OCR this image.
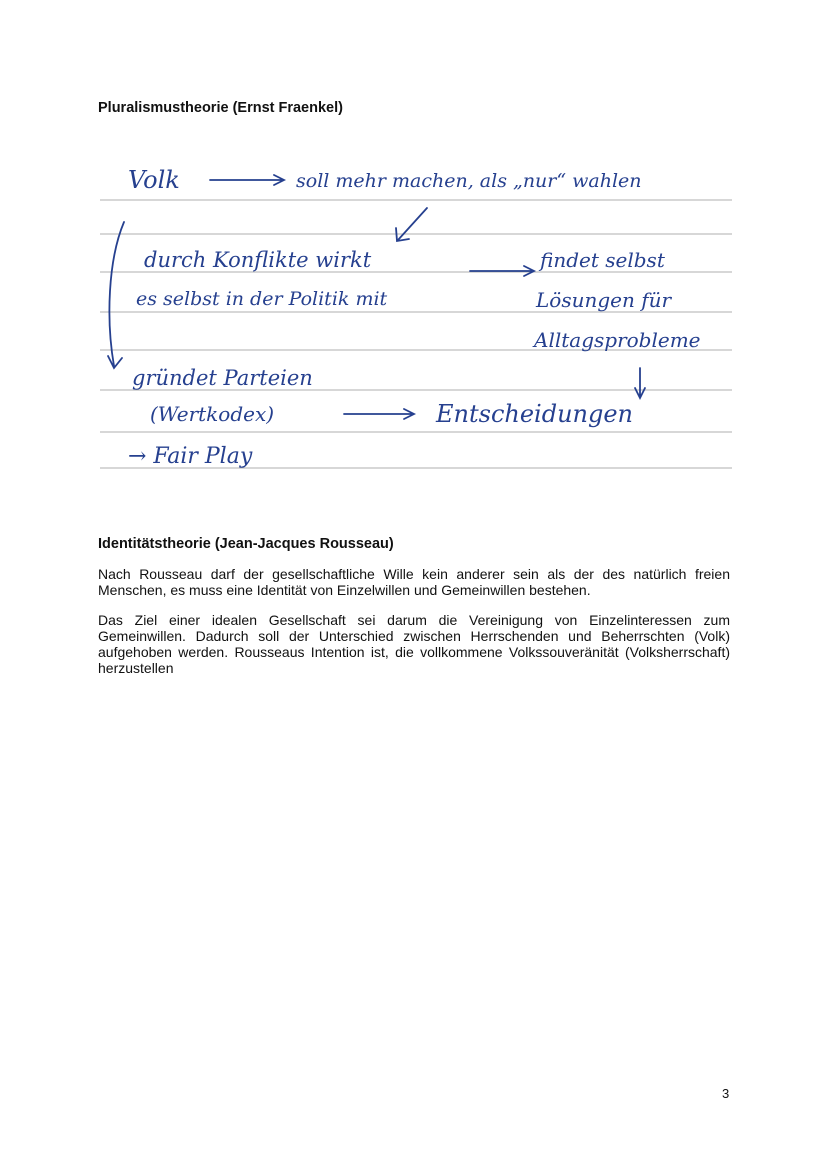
Pluralismustheorie (Ernst Fraenkel)
Volk	soll mehr machen, als „nur“ wahlen
durch Konflikte wirkt	findet selbst
es selbst in der Politik mit	Lösungen für
Alltagsprobleme
gründet Parteien
(Wertkodex)	Entscheidungen
→ Fair Play
Identitätstheorie (Jean-Jacques Rousseau)

Nach Rousseau darf der gesellschaftliche Wille kein anderer sein als der des natürlich freien Menschen, es muss eine Identität von Einzelwillen und Gemeinwillen bestehen.

Das Ziel einer idealen Gesellschaft sei darum die Vereinigung von Einzelinteressen zum Gemeinwillen. Dadurch soll der Unterschied zwischen Herrschenden und Beherrschten (Volk) aufgehoben werden. Rousseaus Intention ist, die vollkommene Volkssouveränität (Volksherrschaft) herzustellen

3
